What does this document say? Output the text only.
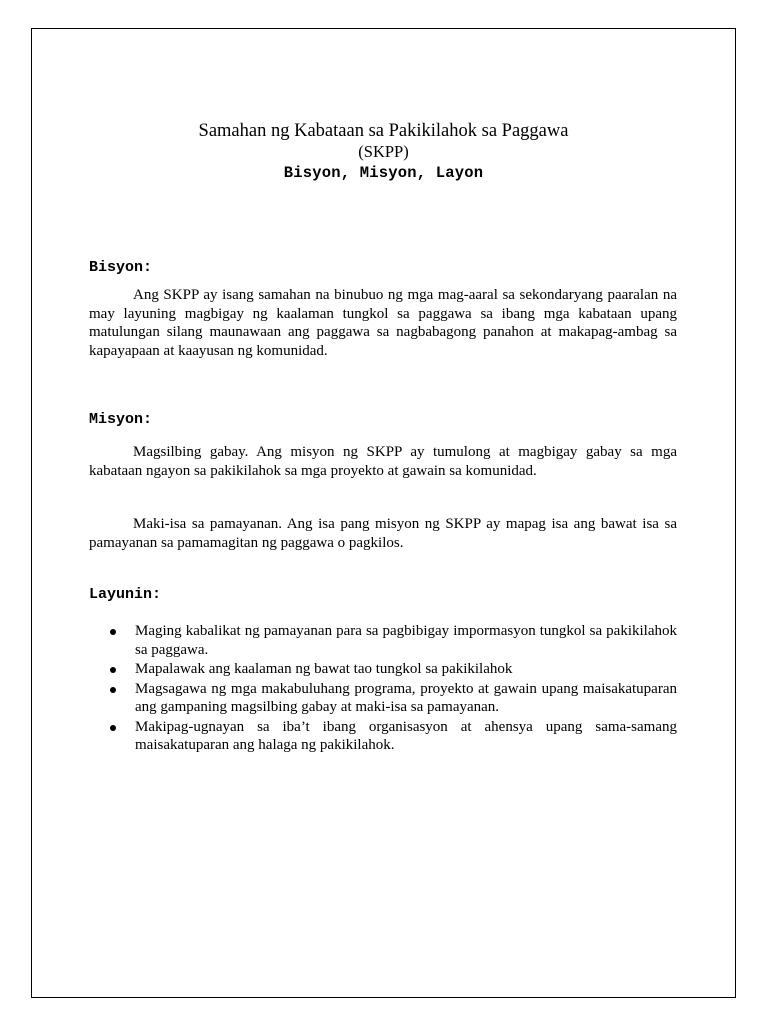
Samahan ng Kabataan sa Pakikilahok sa Paggawa

(SKPP)

Bisyon, Misyon, Layon

Bisyon:

Ang SKPP ay isang samahan na binubuo ng mga mag-aaral sa sekondaryang paaralan na may layuning magbigay ng kaalaman tungkol sa paggawa sa ibang mga kabataan upang matulungan silang maunawaan ang paggawa sa nagbabagong panahon at makapag-ambag sa kapayapaan at kaayusan ng komunidad.

Misyon:

Magsilbing gabay. Ang misyon ng SKPP ay tumulong at magbigay gabay sa mga kabataan ngayon sa pakikilahok sa mga proyekto at gawain sa komunidad.

Maki-isa sa pamayanan. Ang isa pang misyon ng SKPP ay mapag isa ang bawat isa sa pamayanan sa pamamagitan ng paggawa o pagkilos.

Layunin:

Maging kabalikat ng pamayanan para sa pagbibigay impormasyon tungkol sa pakikilahok sa paggawa.
Mapalawak ang kaalaman ng bawat tao tungkol sa pakikilahok
Magsagawa ng mga makabuluhang programa, proyekto at gawain upang maisakatuparan ang gampaning magsilbing gabay at maki-isa sa pamayanan.
Makipag-ugnayan sa iba’t ibang organisasyon at ahensya upang sama-samang maisakatuparan ang halaga ng pakikilahok.
